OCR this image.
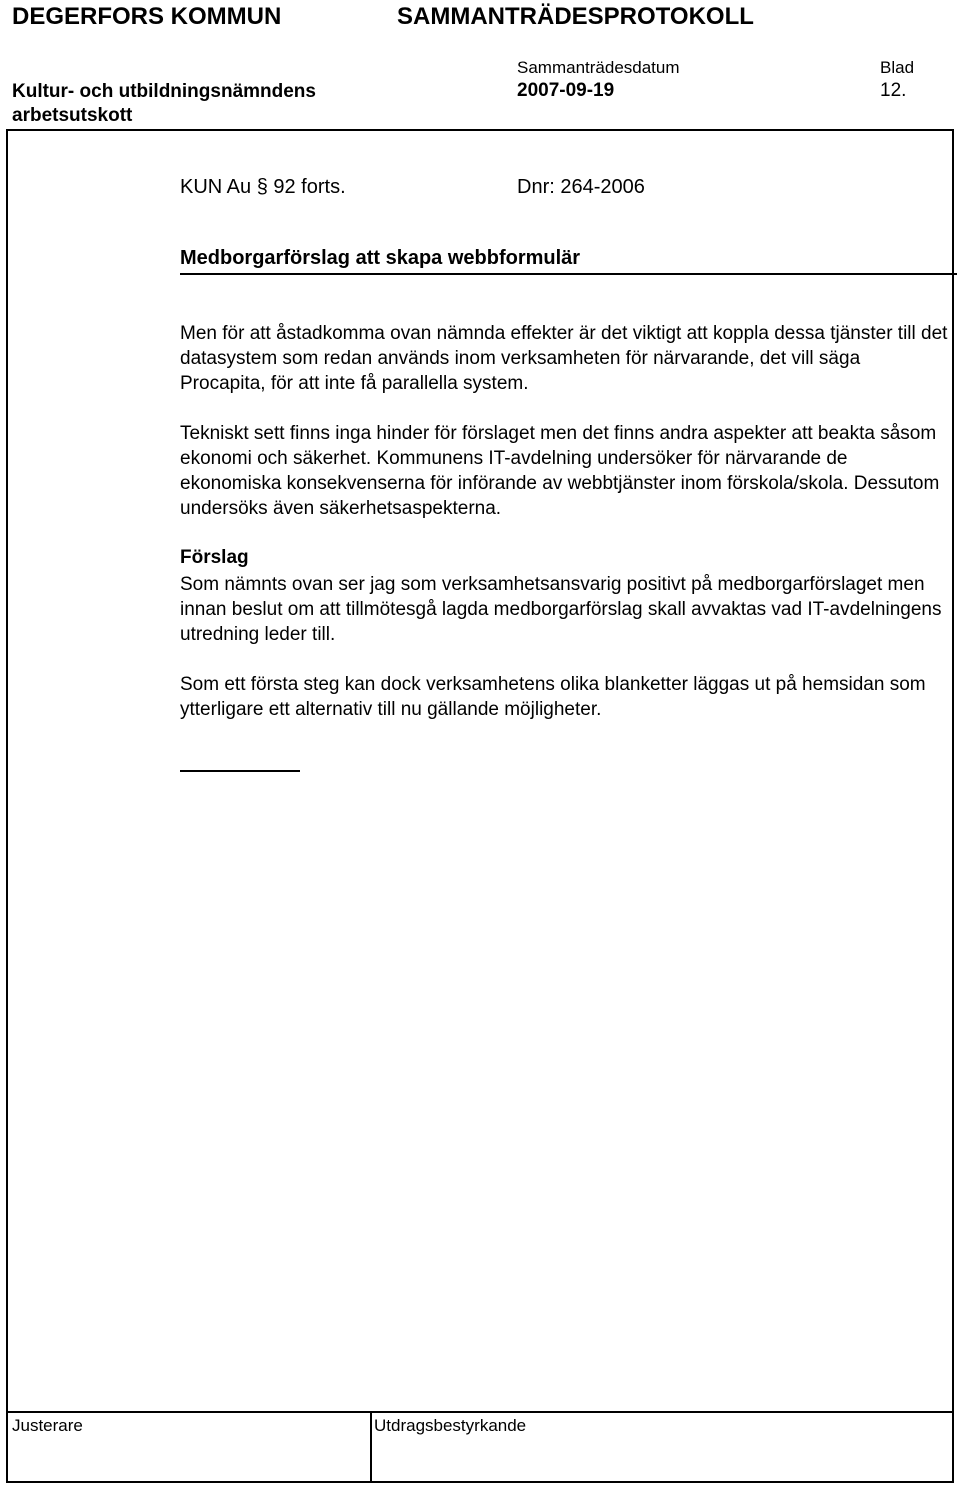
DEGERFORS KOMMUN	SAMMANTRÄDESPROTOKOLL
Sammanträdesdatum	Blad
Kultur- och utbildningsnämndens arbetsutskott
2007-09-19	12.
KUN Au § 92 forts.	Dnr: 264-2006
Medborgarförslag att skapa webbformulär
Men för att åstadkomma ovan nämnda effekter är det viktigt att koppla dessa tjänster till det datasystem som redan används inom verksamheten för närvarande, det vill säga Procapita, för att inte få parallella system.
Tekniskt sett finns inga hinder för förslaget men det finns andra aspekter att beakta såsom ekonomi och säkerhet. Kommunens IT-avdelning undersöker för närvarande de ekonomiska konsekvenserna för införande av webbtjänster inom förskola/skola. Dessutom undersöks även säkerhetsaspekterna.
Förslag
Som nämnts ovan ser jag som verksamhetsansvarig positivt på medborgarförslaget men innan beslut om att tillmötesgå lagda medborgarförslag skall avvaktas vad IT-avdelningens utredning leder till.
Som ett första steg kan dock verksamhetens olika blanketter läggas ut på hemsidan som ytterligare ett alternativ till nu gällande möjligheter.
Justerare	Utdragsbestyrkande
